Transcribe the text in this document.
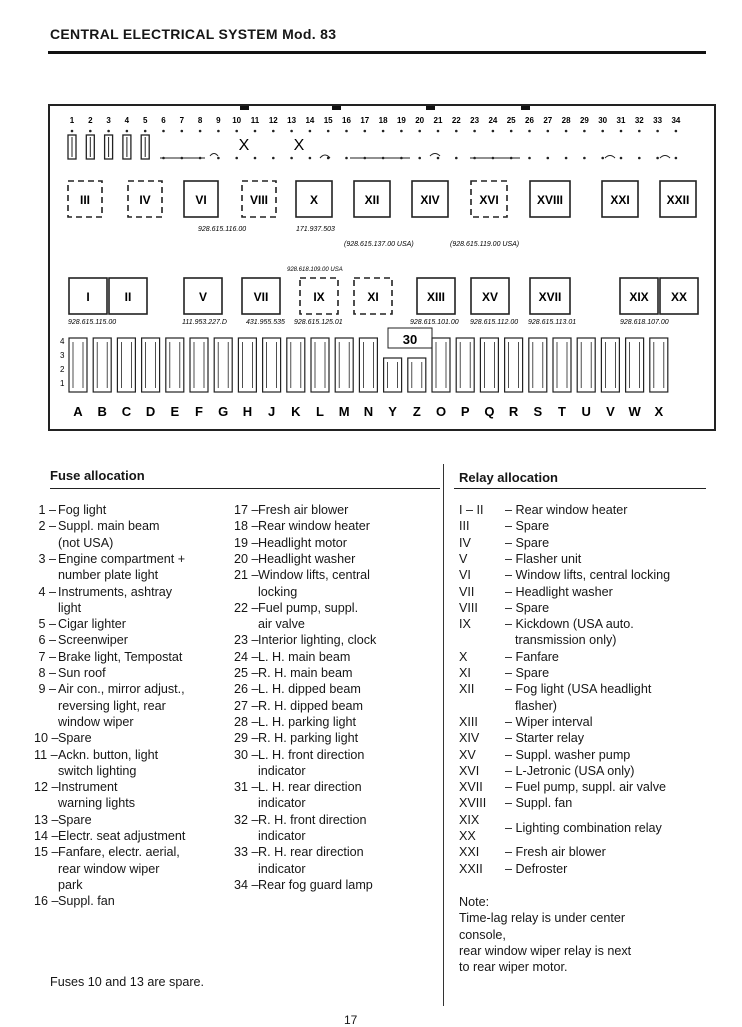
CENTRAL ELECTRICAL SYSTEM Mod. 83
1 2 3 4 5 6 7 8 9 10 11 12 13 14 15 16 17 18 19 20 21 22 23 24 25 26 27 28 29 30 31 32 33 34
X	X
III	IV	VI	VIII	X	XII	XIV	XVI	XVIII	XXI	XXII
928.615.116.00	171.937.503
(928.615.137.00 USA)	(928.615.119.00 USA)
928.618.109.00 USA
I	II	V	VII	IX	XI	XIII	XV	XVII	XIX XX
928.615.115.00	111.953.227.D	431.955.535 928.615.125.01	928.615.101.00 928.615.112.00 928.615.113.01	928.618.107.00
4
3
2
1
30
A B C D E F G H J K L M N Y Z O P Q R S T U V W X
Fuse allocation	Relay allocation
1 – Fog light
2 – Suppl. main beam
(not USA)
3 – Engine compartment +
number plate light
4 – Instruments, ashtray
light
5 – Cigar lighter
6 – Screenwiper
7 – Brake light, Tempostat
8 – Sun roof
9 – Air con., mirror adjust.,
reversing light, rear
window wiper
10 – Spare
11 – Ackn. button, light
switch lighting
12 – Instrument
warning lights
13 – Spare
14 – Electr. seat adjustment
15 – Fanfare, electr. aerial,
rear window wiper
park
16 – Suppl. fan
17 – Fresh air blower
18 – Rear window heater
19 – Headlight motor
20 – Headlight washer
21 – Window lifts, central
locking
22 – Fuel pump, suppl.
air valve
23 – Interior lighting, clock
24 – L. H. main beam
25 – R. H. main beam
26 – L. H. dipped beam
27 – R. H. dipped beam
28 – L. H. parking light
29 – R. H. parking light
30 – L. H. front direction
indicator
31 – L. H. rear direction
indicator
32 – R. H. front direction
indicator
33 – R. H. rear direction
indicator
34 – Rear fog guard lamp
I – II – Rear window heater
III	– Spare
IV	– Spare
V	– Flasher unit
VI	– Window lifts, central locking
VII – Headlight washer
VIII – Spare
IX	– Kickdown (USA auto.
transmission only)
X	– Fanfare
XI	– Spare
XII – Fog light (USA headlight
flasher)
XIII – Wiper interval
XIV – Starter relay
XV – Suppl. washer pump
XVI – L-Jetronic (USA only)
XVII – Fuel pump, suppl. air valve
XVIII – Suppl. fan
XIX
XX
– Lighting combination relay
XXI – Fresh air blower
XXII – Defroster
Note:
Time-lag relay is under center
console,
rear window wiper relay is next
to rear wiper motor.
Fuses 10 and 13 are spare.
17
